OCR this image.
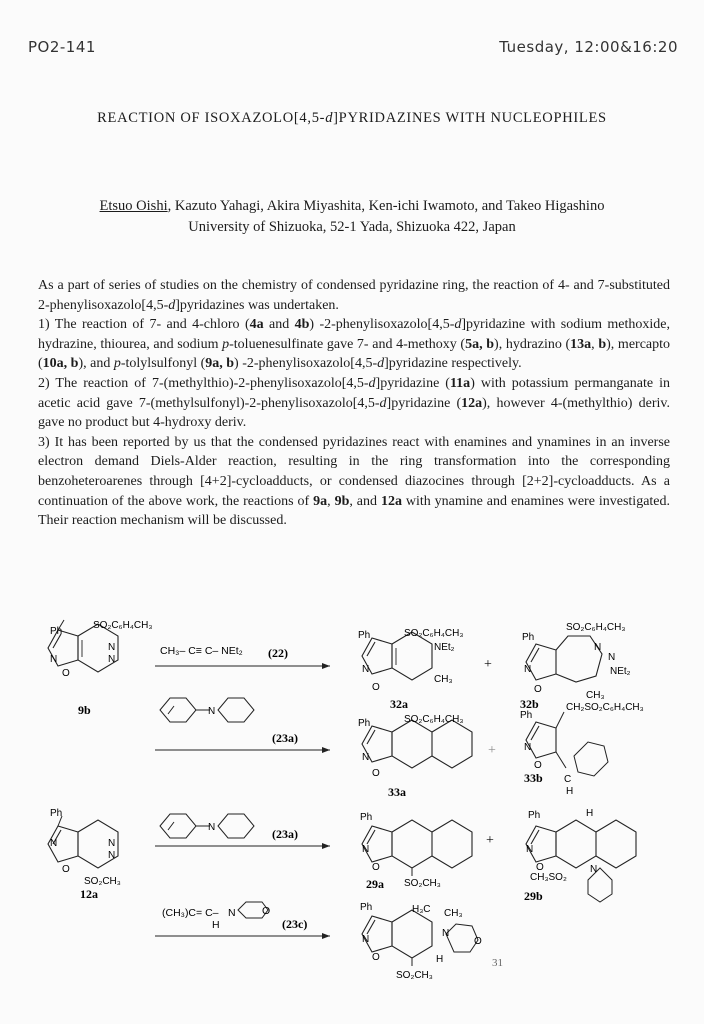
PO2-141	Tuesday, 12:00&16:20
REACTION OF ISOXAZOLO[4,5-d]PYRIDAZINES WITH NUCLEOPHILES
Etsuo Oishi, Kazuto Yahagi, Akira Miyashita, Ken-ichi Iwamoto, and Takeo Higashino
University of Shizuoka, 52-1 Yada, Shizuoka 422, Japan

As a part of series of studies on the chemistry of condensed pyridazine ring, the reaction of 4- and 7-substituted 2-phenylisoxazolo[4,5-d]pyridazines was undertaken.

1) The reaction of 7- and 4-chloro (4a and 4b) -2-phenylisoxazolo[4,5-d]pyridazine with sodium methoxide, hydrazine, thiourea, and sodium p-toluenesulfinate gave 7- and 4-methoxy (5a, b), hydrazino (13a, b), mercapto (10a, b), and p-tolylsulfonyl (9a, b) -2-phenylisoxazolo[4,5-d]pyridazine respectively.

2) The reaction of 7-(methylthio)-2-phenylisoxazolo[4,5-d]pyridazine (11a) with potassium permanganate in acetic acid gave 7-(methylsulfonyl)-2-phenylisoxazolo[4,5-d]pyridazine (12a), however 4-(methylthio) deriv. gave no product but 4-hydroxy deriv.

3) It has been reported by us that the condensed pyridazines react with enamines and ynamines in an inverse electron demand Diels-Alder reaction, resulting in the ring transformation into the corresponding benzoheteroarenes through [4+2]-cycloadducts, or condensed diazocines through [2+2]-cycloadducts. As a continuation of the above work, the reactions of 9a, 9b, and 12a with ynamine and enamines were investigated. Their reaction mechanism will be discussed.

Ph
SO₂C₆H₄CH₃
N
N
N
O
9b
CH₃– C≡ C– NEt₂ (22)
N
(23a)
Ph	SO₂C₆H₄CH₃
NEt₂
CH₃
N
O
32a
+
Ph
SO₂C₆H₄CH₃
N
N
NEt₂
CH₃
N
O
32b
Ph	SO₂C₆H₄CH₃
N
O
33a
+
Ph
CH₂SO₂C₆H₄CH₃
C
H
N
O
33b
Ph
N
N
N
O
SO₂CH₃
12a
N	(23a)
Ph
N
O
SO₂CH₃
29a
+
Ph	H
N
O
CH₃SO₂
N
29b
(CH₃)C= C– N	O
H	(23c)
Ph	H₃C CH₃
N
O
H
N
O
SO₂CH₃
31
